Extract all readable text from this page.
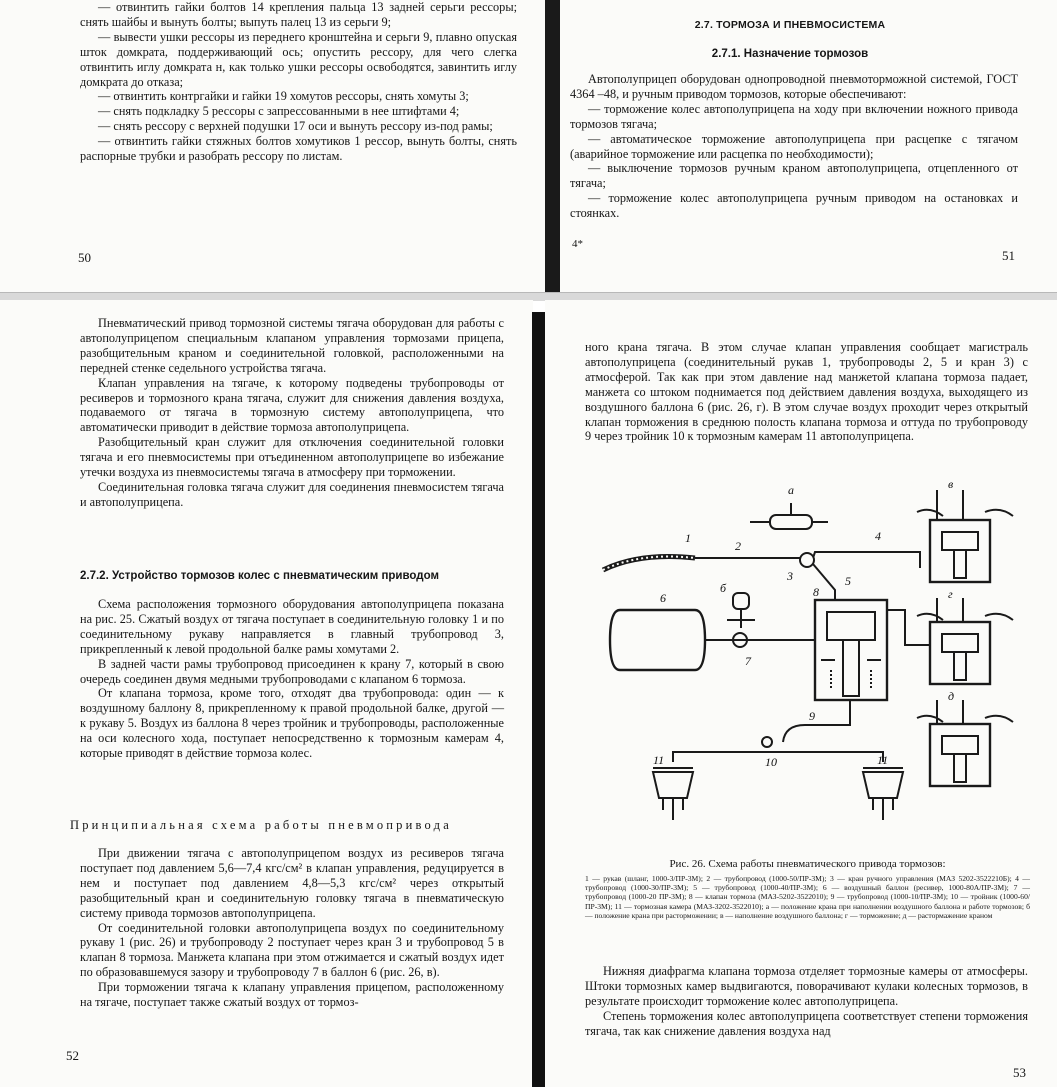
— отвинтить гайки болтов 14 крепления пальца 13 задней серьги рессоры; снять шайбы и вынуть болты; выпуть палец 13 из серьги 9;

— вывести ушки рессоры из переднего кронштейна и серьги 9, плавно опуская шток домкрата, поддерживающий ось; опустить рессору, для чего слегка отвинтить иглу домкрата н, как только ушки рессоры освободятся, завинтить иглу домкрата до отказа;

— отвинтить контргайки и гайки 19 хомутов рессоры, снять хомуты 3;

— снять подкладку 5 рессоры с запрессованными в нее штифтами 4;

— снять рессору с верхней подушки 17 оси и вынуть рессору из-под рамы;

— отвинтить гайки стяжных болтов хомутиков 1 рессор, вынуть болты, снять распорные трубки и разобрать рессору по листам.

50
2.7. ТОРМОЗА И ПНЕВМОСИСТЕМА
2.7.1. Назначение тормозов

Автополуприцеп оборудован однопроводной пневмоторможной системой, ГОСТ 4364 –48, и ручным приводом тормозов, которые обеспечивают:

— торможение колес автополуприцепа на ходу при включении ножного привода тормозов тягача;

— автоматическое торможение автополуприцепа при расцепке с тягачом (аварийное торможение или расцепка по необходимости);

— выключение тормозов ручным краном автополуприцепа, отцепленного от тягача;

— торможение колес автополуприцепа ручным приводом на остановках и стоянках.

4*
51

Пневматический привод тормозной системы тягача оборудован для работы с автополуприцепом специальным клапаном управления тормозами прицепа, разобщительным краном и соединительной головкой, расположенными на передней стенке седельного устройства тягача.

Клапан управления на тягаче, к которому подведены трубопроводы от ресиверов и тормозного крана тягача, служит для снижения давления воздуха, подаваемого от тягача в тормозную систему автополуприцепа, что автоматически приводит в действие тормоза автополуприцепа.

Разобщительный кран служит для отключения соединительной головки тягача и его пневмосистемы при отъединенном автополуприцепе во избежание утечки воздуха из пневмосистемы тягача в атмосферу при торможении.

Соединительная головка тягача служит для соединения пневмосистем тягача и автополуприцепа.

2.7.2. Устройство тормозов колес с пневматическим приводом

Схема расположения тормозного оборудования автополуприцепа показана на рис. 25. Сжатый воздух от тягача поступает в соединительную головку 1 и по соединительному рукаву направляется в главный трубопровод 3, прикрепленный к левой продольной балке рамы хомутами 2.

В задней части рамы трубопровод присоединен к крану 7, который в свою очередь соединен двумя медными трубопроводами с клапаном 6 тормоза.

От клапана тормоза, кроме того, отходят два трубопровода: один — к воздушному баллону 8, прикрепленному к правой продольной балке, другой — к рукаву 5. Воздух из баллона 8 через тройник и трубопроводы, расположенные на оси колесного хода, поступает непосредственно к тормозным камерам 4, которые приводят в действие тормоза колес.

Принципиальная схема работы пневмопривода

При движении тягача с автополуприцепом воздух из ресиверов тягача поступает под давлением 5,6—7,4 кгс/см² в клапан управления, редуцируется в нем и поступает под давлением 4,8—5,3 кгс/см² через открытый разобщительный кран и соединительную головку тягача в пневматическую систему привода тормозов автополуприцепа.

От соединительной головки автополуприцепа воздух по соединительному рукаву 1 (рис. 26) и трубопроводу 2 поступает через кран 3 и трубопровод 5 в клапан 8 тормоза. Манжета клапана при этом отжимается и сжатый воздух идет по образовавшемуся зазору и трубопроводу 7 в баллон 6 (рис. 26, в).

При торможении тягача к клапану управления прицепом, расположенному на тягаче, поступает также сжатый воздух от тормоз-

52

ного крана тягача. В этом случае клапан управления сообщает магистраль автополуприцепа (соединительный рукав 1, трубопроводы 2, 5 и кран 3) с атмосферой. Так как при этом давление над манжетой клапана тормоза падает, манжета со штоком поднимается под действием давления воздуха, выходящего из воздушного баллона 6 (рис. 26, г). В этом случае воздух проходит через открытый клапан торможения в среднюю полость клапана тормоза и оттуда по трубопроводу 9 через тройник 10 к тормозным камерам 11 автополуприцепа.

а
б
в
г
д
1
2
3
4
5
6
7
8
9
10
11	11
Рис. 26. Схема работы пневматического привода тормозов:
1 — рукав (шланг, 1000-3/ПР-3М); 2 — трубопровод (1000-50/ПР-3М); 3 — кран ручного управления (МАЗ 5202-3522210Б); 4 — трубопровод (1000-30/ПР-3М); 5 — трубопровод (1000-40/ПР-3М); 6 — воздушный баллон (ресивер, 1000-80А/ПР-3М); 7 — трубопровод (1000-20 ПР-3М); 8 — клапан тормоза (МАЗ-5202-3522010); 9 — трубопровод (1000-10/ПР-3М); 10 — тройник (1000-60/ПР-3М); 11 — тормозная камера (МАЗ-3202-3522010); а — положение крана при наполнении воздушного баллона и работе тормозов; б — положение крана при расторможении; в — наполнение воздушного баллона; г — торможение; д — растормажение краном

Нижняя диафрагма клапана тормоза отделяет тормозные камеры от атмосферы. Штоки тормозных камер выдвигаются, поворачивают кулаки колесных тормозов, в результате происходит торможение колес автополуприцепа.

Степень торможения колес автополуприцепа соответствует степени торможения тягача, так как снижение давления воздуха над

53
